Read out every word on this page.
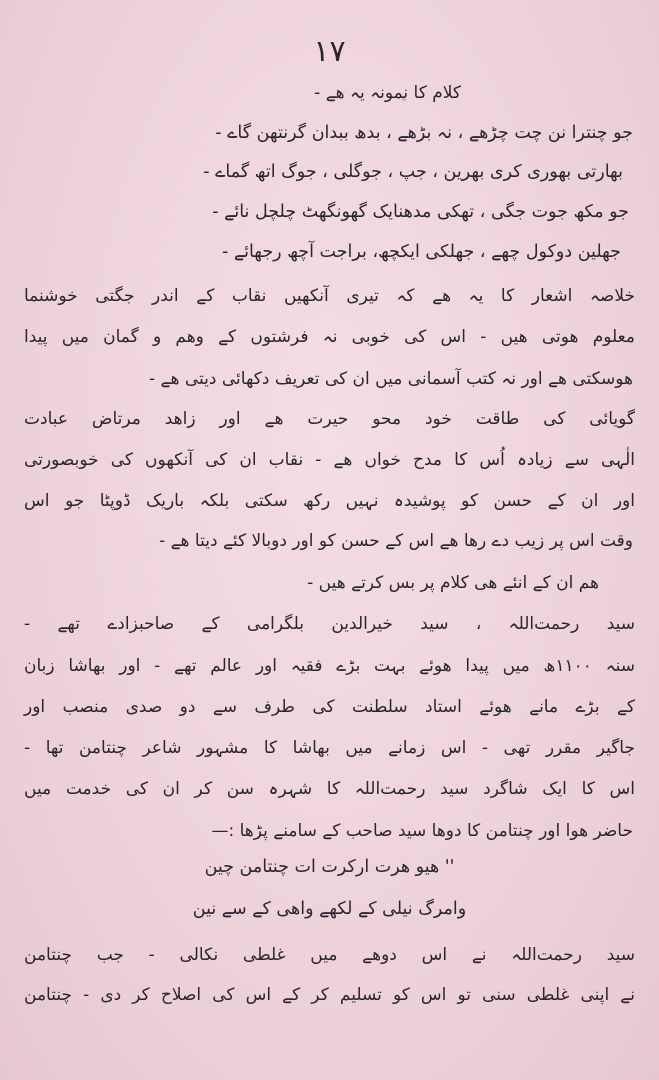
۱۷
کلام کا نمونہ یہ ھے -
جو چنترا نن چت چڑھے ، نہ بڑھے ، بدھ ببدان گرنتھن گاے -
بھارتی بھوری کری بھرین ، جپ ، جوگلی ، جوگ اتھ گماے -
جو مکھ جوت جگی ، تھکی مدھنایک گھونگھٹ چلچل نائے -
جھلین دوکول چھے ، جھلکی ایکچھ، براجت آچھ رجھائے -
خلاصہ اشعار کا یہ ھے کہ تیری آنکھیں نقاب کے اندر جگتی خوشنما
معلوم ھوتی ھیں - اس کی خوبی نہ فرشتوں کے وھم و گمان میں پیدا
ھوسکتی ھے اور نہ کتب آسمانی میں ان کی تعریف دکھائی دیتی ھے -
گویائی کی طاقت خود محو حیرت ھے اور زاھد مرتاض عبادت
الٰہی سے زیادہ اُس کا مدح خواں ھے - نقاب ان کی آنکھوں کی خوبصورتی
اور ان کے حسن کو پوشیدہ نہیں رکھ سکتی بلکہ باریک ڈوپٹا جو اس
وقت اس پر زیب دے رھا ھے اس کے حسن کو اور دوبالا کئے دیتا ھے -
ھم ان کے انئے ھی کلام پر بس کرتے ھیں -
سید رحمت‌اللہ ، سید خیرالدین بلگرامی کے صاحبزادے تھے -
سنہ ۱۱۰۰ھ میں پیدا ھوئے بہت بڑے فقیہ اور عالم تھے - اور بھاشا زبان
کے بڑے مانے ھوئے استاد سلطنت کی طرف سے دو صدی منصب اور
جاگیر مقرر تھی - اس زمانے میں بھاشا کا مشہور شاعر چنتامن تھا -
اس کا ایک شاگرد سید رحمت‌اللہ کا شہرہ سن کر ان کی خدمت میں
حاضر ھوا اور چنتامن کا دوھا سید صاحب کے سامنے پڑھا :—
'' ھیو ھرت ارکرت ات چنتامن چین
وامرگ نیلی کے لکھے واھی کے سے نین
سید رحمت‌اللہ نے اس دوھے میں غلطی نکالی - جب چنتامن
نے اپنی غلطی سنی تو اس کو تسلیم کر کے اس کی اصلاح کر دی - چنتامن
